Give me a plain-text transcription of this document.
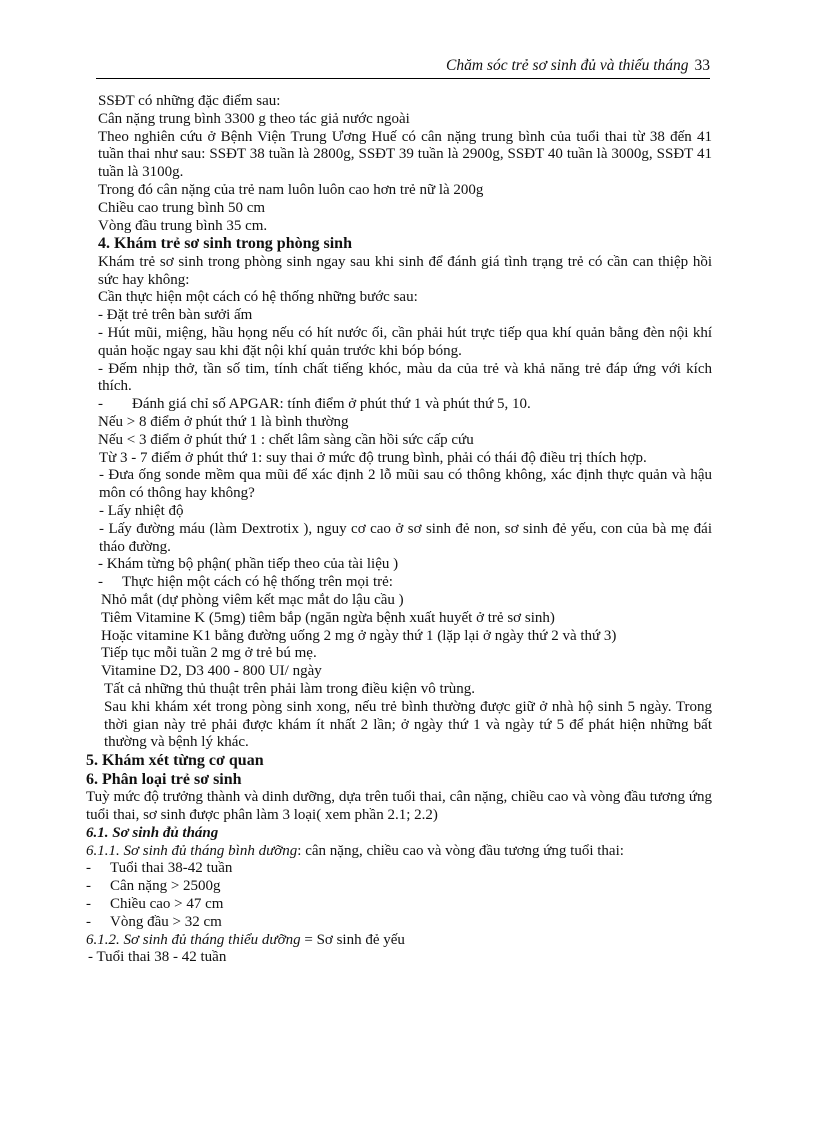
Chăm sóc trẻ sơ sinh đủ và thiếu tháng 33

SSĐT có những đặc điểm sau:

Cân nặng trung bình 3300 g theo tác giả nước ngoài

Theo nghiên cứu ở Bệnh Viện Trung Ương Huế có cân nặng trung bình của tuổi thai từ 38 đến 41 tuần thai như sau: SSĐT 38 tuần là 2800g, SSĐT 39 tuần là 2900g, SSĐT 40 tuần là 3000g, SSĐT 41 tuần là 3100g.

Trong đó cân nặng của trẻ nam luôn luôn cao hơn trẻ nữ là 200g

Chiều cao trung bình 50 cm

Vòng đầu trung bình 35 cm.

4. Khám trẻ sơ sinh trong phòng sinh

Khám trẻ sơ sinh trong phòng sinh ngay sau khi sinh để đánh giá tình trạng trẻ có cần can thiệp hồi sức hay không:

Cần thực hiện một cách có hệ thống những bước sau:

- Đặt trẻ trên bàn sưởi ấm

- Hút mũi, miệng, hầu họng nếu có hít nước ối, cần phải hút trực tiếp qua khí quản bằng đèn nội khí quản hoặc ngay sau khi đặt nội khí quản trước khi bóp bóng.

- Đếm nhịp thở, tần số tim, tính chất tiếng khóc, màu da của trẻ và khả năng trẻ đáp ứng với kích thích.

- Đánh giá chỉ số APGAR: tính điểm ở phút thứ 1 và phút thứ 5, 10.

Nếu > 8 điểm ở phút thứ 1 là bình thường

Nếu < 3 điểm ở phút thứ 1 : chết lâm sàng cần hồi sức cấp cứu

Từ 3 - 7 điểm ở phút thứ 1: suy thai ở mức độ trung bình, phải có thái độ điều trị thích hợp.

- Đưa ống sonde mềm qua mũi để xác định 2 lỗ mũi sau có thông không, xác định thực quản và hậu môn có thông hay không?

- Lấy nhiệt độ

- Lấy đường máu (làm Dextrotix ), nguy cơ cao ở sơ sinh đẻ non, sơ sinh đẻ yếu, con của bà mẹ đái tháo đường.

- Khám từng bộ phận( phần tiếp theo của tài liệu )

- Thực hiện một cách có hệ thống trên mọi trẻ:

Nhỏ mắt (dự phòng viêm kết mạc mắt do lậu cầu )

Tiêm Vitamine K (5mg) tiêm bắp (ngăn ngừa bệnh xuất huyết ở trẻ sơ sinh)

Hoặc vitamine K1 bằng đường uống 2 mg ở ngày thứ 1 (lặp lại ở ngày thứ 2 và thứ 3)

Tiếp tục mỗi tuần 2 mg ở trẻ bú mẹ.

Vitamine D2, D3 400 - 800 UI/ ngày

Tất cả những thủ thuật trên phải làm trong điều kiện vô trùng.

Sau khi khám xét trong pòng sinh xong, nếu trẻ bình thường được giữ ở nhà hộ sinh 5 ngày. Trong thời gian này trẻ phải được khám ít nhất 2 lần; ở ngày thứ 1 và ngày tứ 5 để phát hiện những bất thường và bệnh lý khác.

5. Khám xét từng cơ quan

6. Phân loại trẻ sơ sinh

Tuỳ mức độ trưởng thành và dinh dưỡng, dựa trên tuổi thai, cân nặng, chiều cao và vòng đầu tương ứng tuổi thai, sơ sinh được phân làm 3 loại( xem phần 2.1; 2.2)

6.1. Sơ sinh đủ tháng

6.1.1. Sơ sinh đủ tháng bình dưỡng: cân nặng, chiều cao và vòng đầu tương ứng tuổi thai:

- Tuổi thai 38-42 tuần

- Cân nặng > 2500g

- Chiều cao > 47 cm

- Vòng đầu > 32 cm

6.1.2. Sơ sinh đủ tháng thiểu dưỡng = Sơ sinh đẻ yếu

- Tuổi thai 38 - 42 tuần
